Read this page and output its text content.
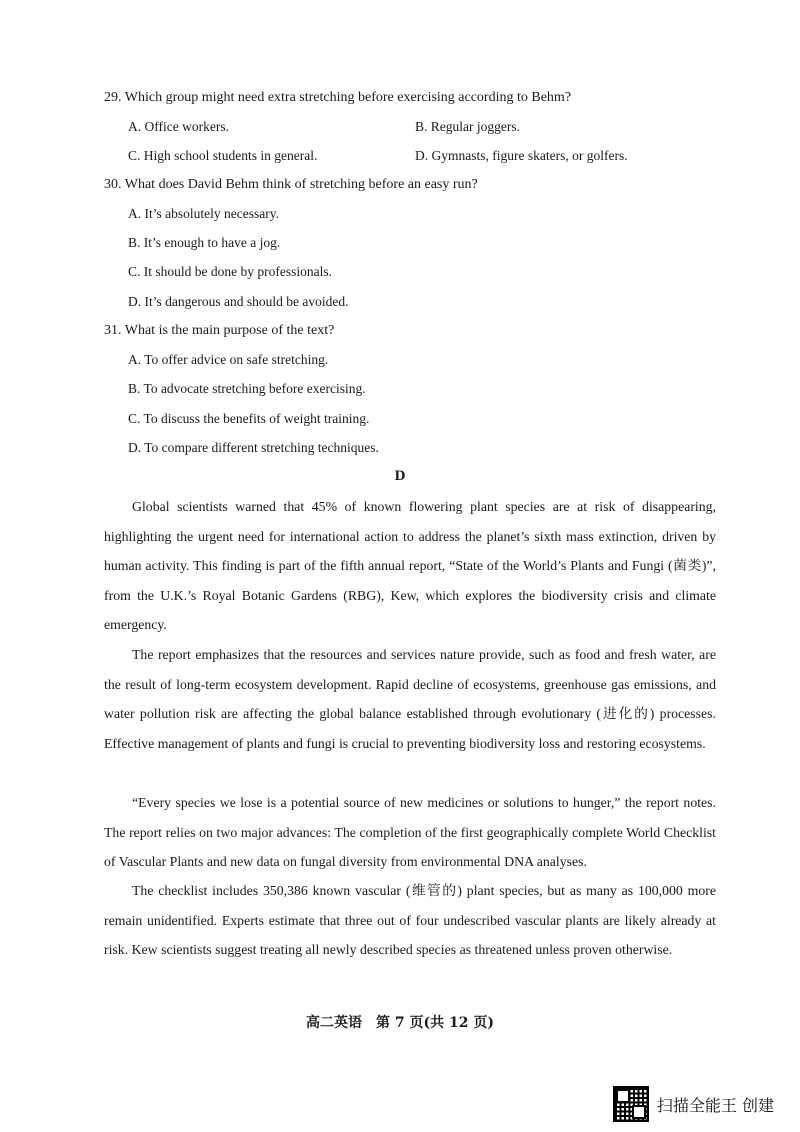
29. Which group might need extra stretching before exercising according to Behm?
A. Office workers.	B. Regular joggers.
C. High school students in general.	D. Gymnasts, figure skaters, or golfers.
30. What does David Behm think of stretching before an easy run?
A. It’s absolutely necessary.
B. It’s enough to have a jog.
C. It should be done by professionals.
D. It’s dangerous and should be avoided.
31. What is the main purpose of the text?
A. To offer advice on safe stretching.
B. To advocate stretching before exercising.
C. To discuss the benefits of weight training.
D. To compare different stretching techniques.
D

Global scientists warned that 45% of known flowering plant species are at risk of disappearing, highlighting the urgent need for international action to address the planet’s sixth mass extinction, driven by human activity. This finding is part of the fifth annual report, “State of the World’s Plants and Fungi (菌类)”, from the U.K.’s Royal Botanic Gardens (RBG), Kew, which explores the biodiversity crisis and climate emergency.

The report emphasizes that the resources and services nature provide, such as food and fresh water, are the result of long-term ecosystem development. Rapid decline of ecosystems, greenhouse gas emissions, and water pollution risk are affecting the global balance established through evolutionary (进化的) processes. Effective management of plants and fungi is crucial to preventing biodiversity loss and restoring ecosystems.

“Every species we lose is a potential source of new medicines or solutions to hunger,” the report notes. The report relies on two major advances: The completion of the first geographically complete World Checklist of Vascular Plants and new data on fungal diversity from environmental DNA analyses.

The checklist includes 350,386 known vascular (维管的) plant species, but as many as 100,000 more remain unidentified. Experts estimate that three out of four undescribed vascular plants are likely already at risk. Kew scientists suggest treating all newly described species as threatened unless proven otherwise.

高二英语　第 7 页(共 12 页)
扫描全能王 创建
